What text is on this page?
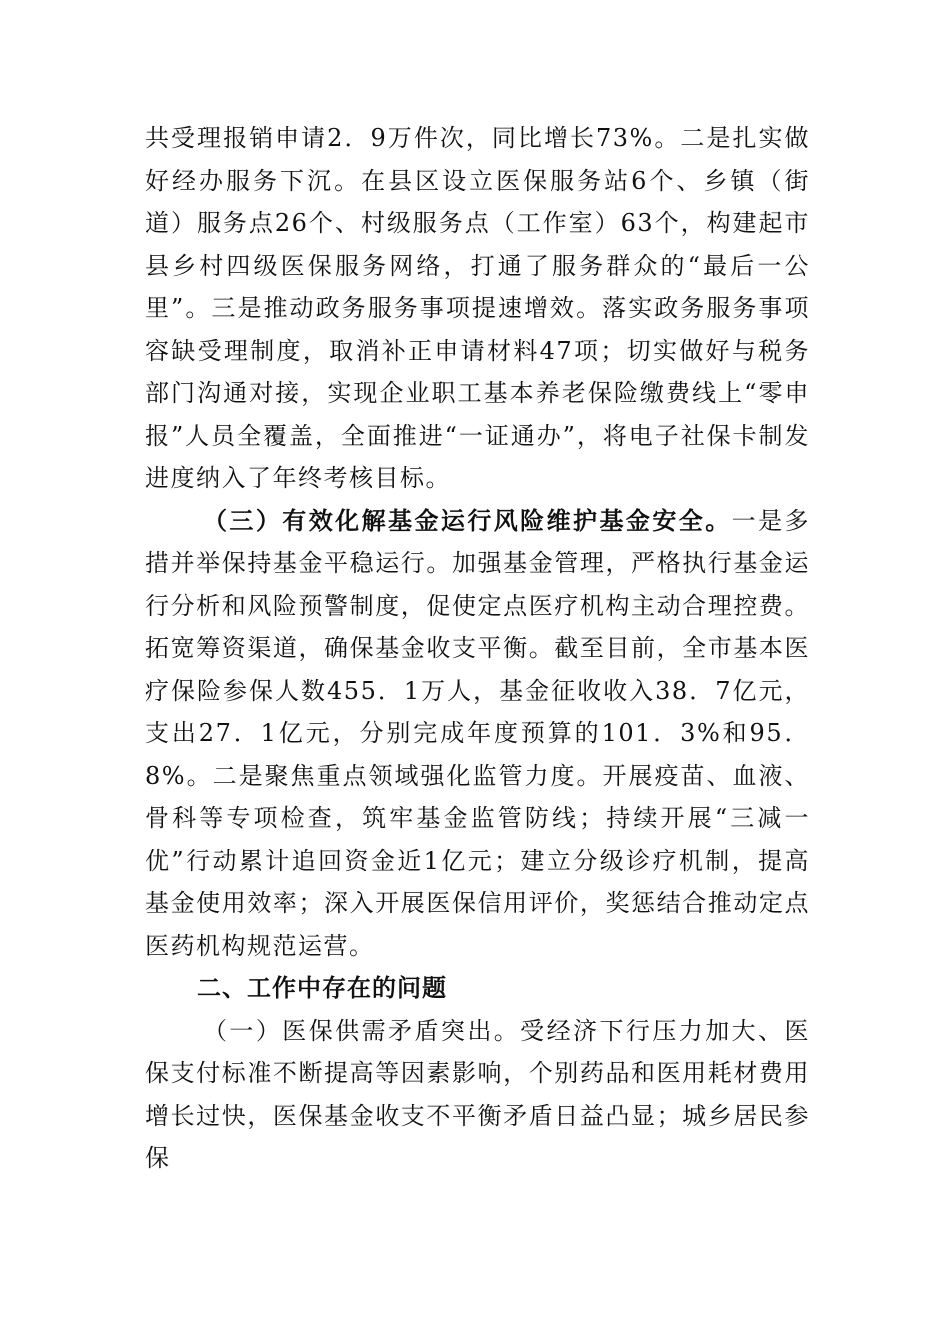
共受理报销申请2．9万件次，同比增长73%。二是扎实做好经办服务下沉。在县区设立医保服务站6个、乡镇（街道）服务点26个、村级服务点（工作室）63个，构建起市县乡村四级医保服务网络，打通了服务群众的“最后一公里”。三是推动政务服务事项提速增效。落实政务服务事项容缺受理制度，取消补正申请材料47项；切实做好与税务部门沟通对接，实现企业职工基本养老保险缴费线上“零申报”人员全覆盖，全面推进“一证通办”，将电子社保卡制发进度纳入了年终考核目标。

（三）有效化解基金运行风险维护基金安全。一是多措并举保持基金平稳运行。加强基金管理，严格执行基金运行分析和风险预警制度，促使定点医疗机构主动合理控费。拓宽筹资渠道，确保基金收支平衡。截至目前，全市基本医疗保险参保人数455．1万人，基金征收收入38．7亿元，支出27．1亿元，分别完成年度预算的101．3%和95．8%。二是聚焦重点领域强化监管力度。开展疫苗、血液、骨科等专项检查，筑牢基金监管防线；持续开展“三减一优”行动累计追回资金近1亿元；建立分级诊疗机制，提高基金使用效率；深入开展医保信用评价，奖惩结合推动定点医药机构规范运营。

二、工作中存在的问题

（一）医保供需矛盾突出。受经济下行压力加大、医保支付标准不断提高等因素影响，个别药品和医用耗材费用增长过快，医保基金收支不平衡矛盾日益凸显；城乡居民参保
